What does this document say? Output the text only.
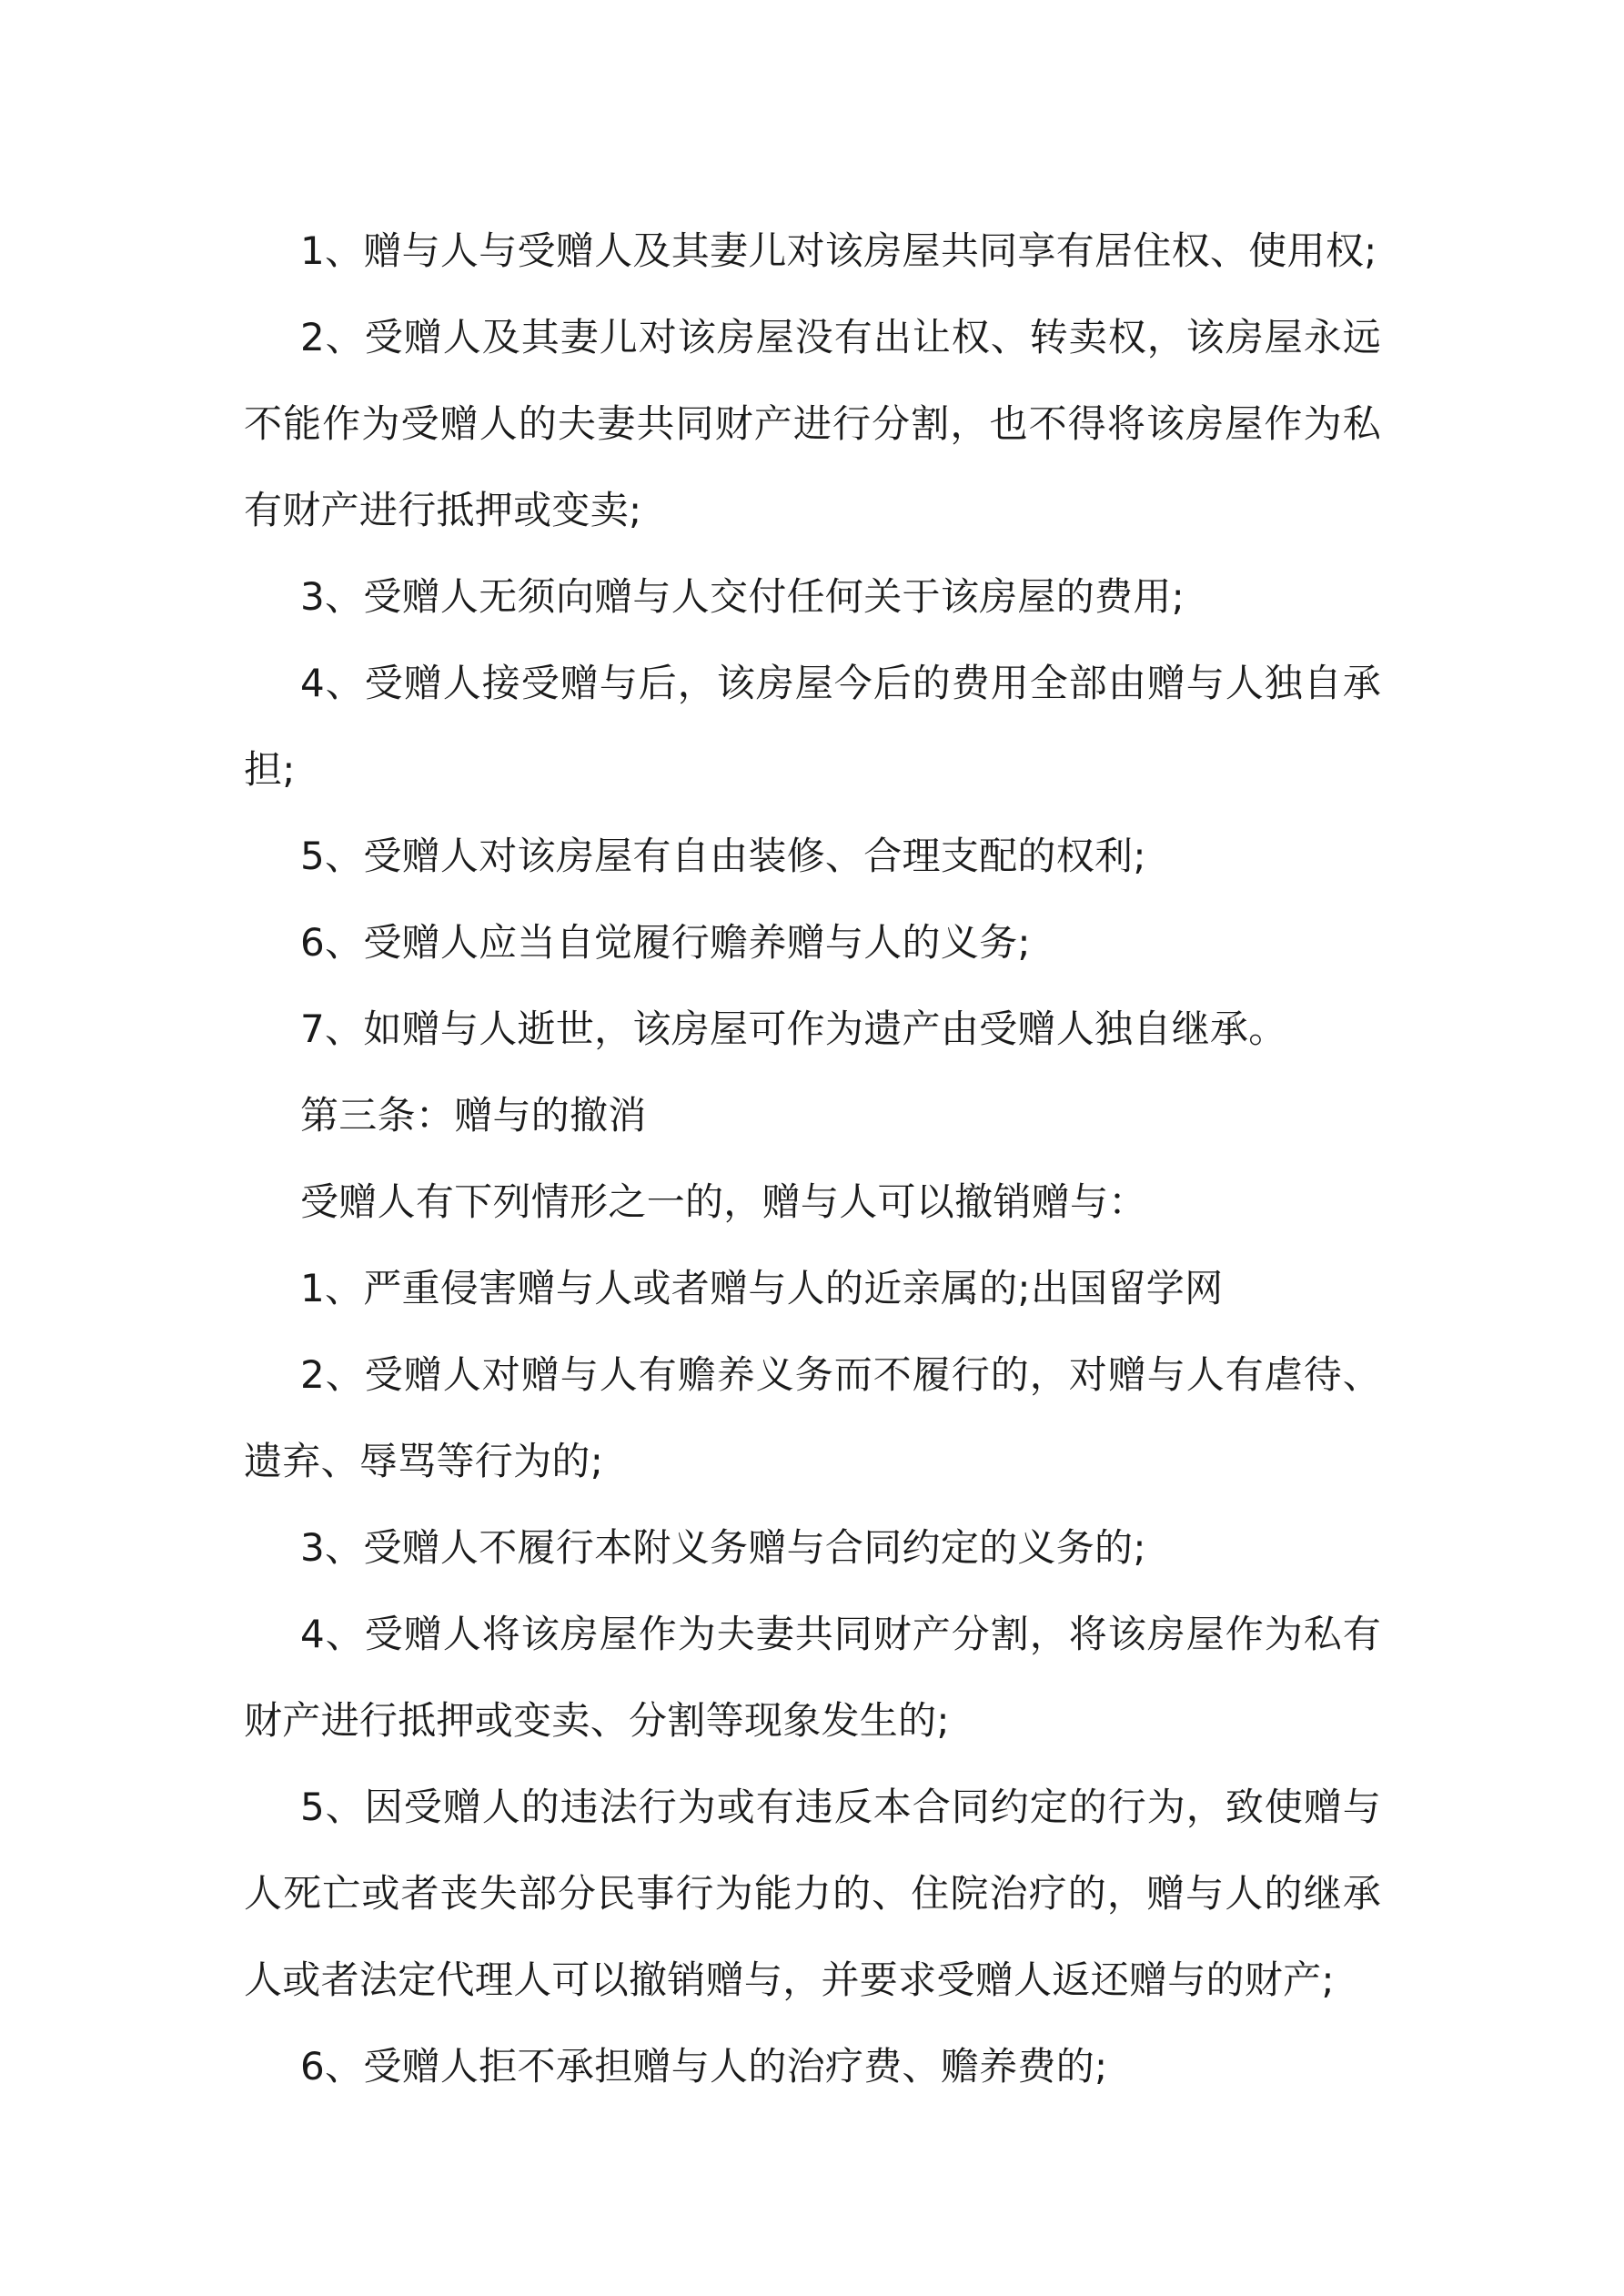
1、赠与人与受赠人及其妻儿对该房屋共同享有居住权、使用权;

2、受赠人及其妻儿对该房屋没有出让权、转卖权，该房屋永远不能作为受赠人的夫妻共同财产进行分割，也不得将该房屋作为私有财产进行抵押或变卖;

3、受赠人无须向赠与人交付任何关于该房屋的费用;

4、受赠人接受赠与后，该房屋今后的费用全部由赠与人独自承担;

5、受赠人对该房屋有自由装修、合理支配的权利;

6、受赠人应当自觉履行赡养赠与人的义务;

7、如赠与人逝世，该房屋可作为遗产由受赠人独自继承。

第三条：赠与的撤消

受赠人有下列情形之一的，赠与人可以撤销赠与：

1、严重侵害赠与人或者赠与人的近亲属的;出国留学网

2、受赠人对赠与人有赡养义务而不履行的，对赠与人有虐待、遗弃、辱骂等行为的;

3、受赠人不履行本附义务赠与合同约定的义务的;

4、受赠人将该房屋作为夫妻共同财产分割，将该房屋作为私有财产进行抵押或变卖、分割等现象发生的;

5、因受赠人的违法行为或有违反本合同约定的行为，致使赠与人死亡或者丧失部分民事行为能力的、住院治疗的，赠与人的继承人或者法定代理人可以撤销赠与，并要求受赠人返还赠与的财产;

6、受赠人拒不承担赠与人的治疗费、赡养费的;
